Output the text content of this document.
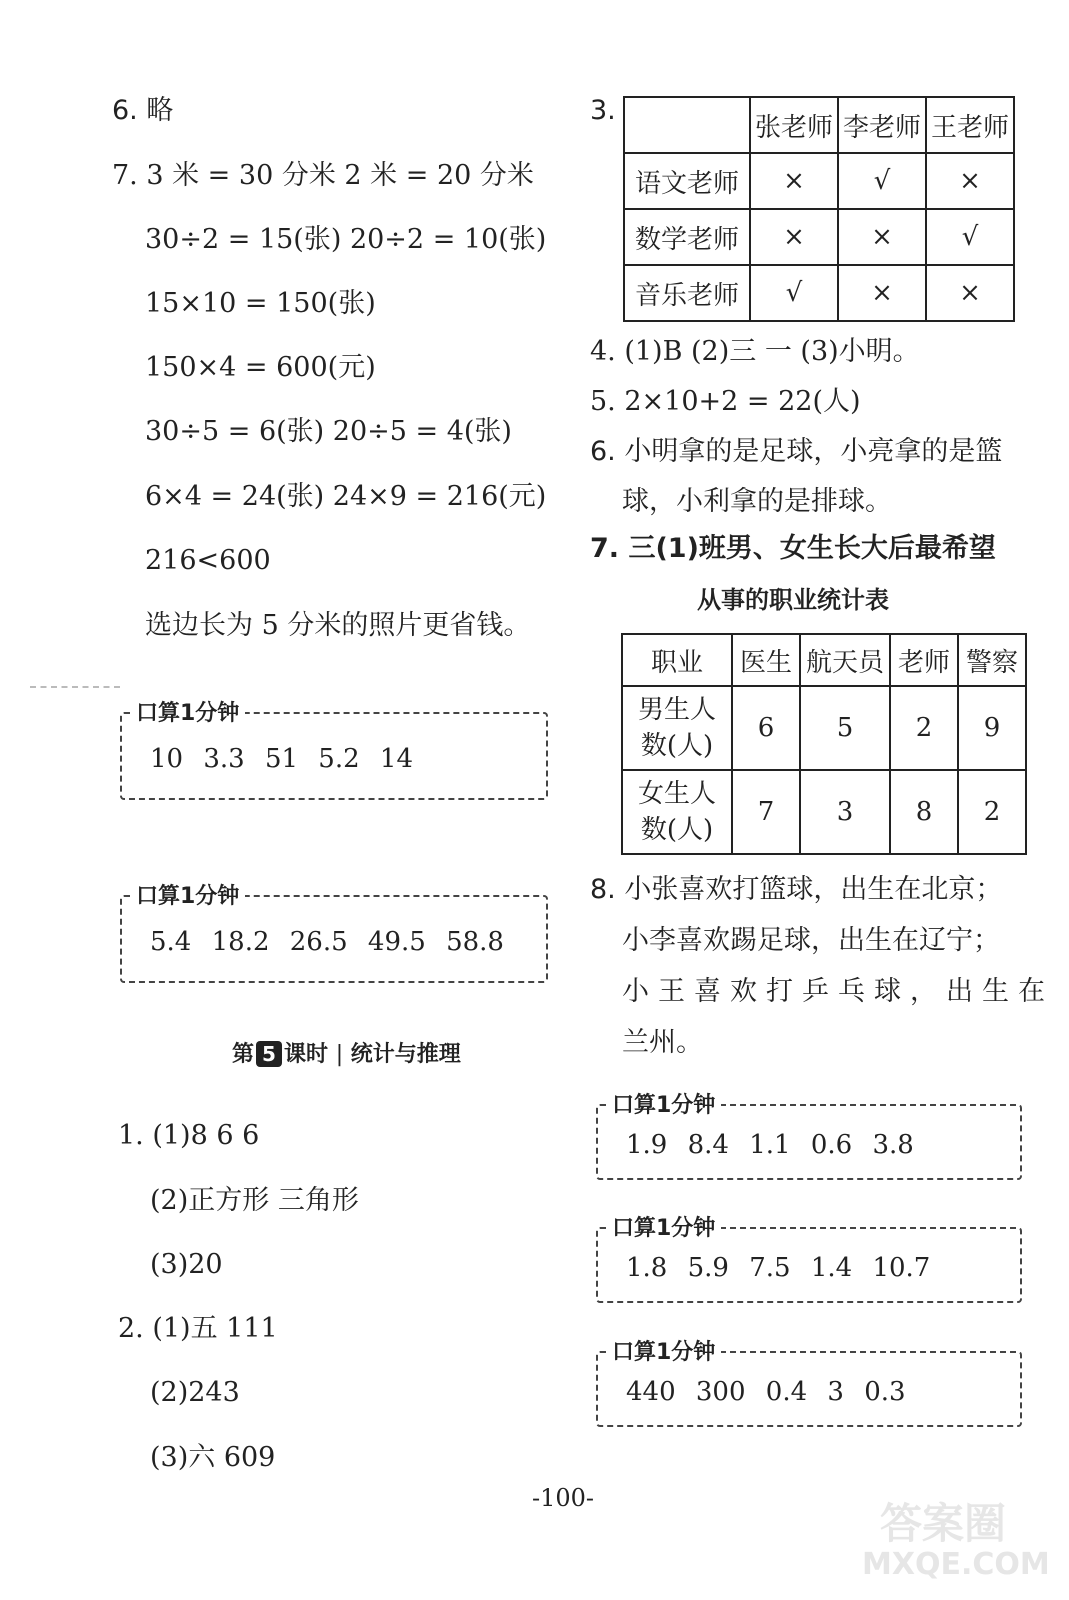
6. 略
7. 3 米 = 30 分米 2 米 = 20 分米
30÷2 = 15(张) 20÷2 = 10(张)
15×10 = 150(张)
150×4 = 600(元)
30÷5 = 6(张) 20÷5 = 4(张)
6×4 = 24(张) 24×9 = 216(元)
216<600
选边长为 5 分米的照片更省钱。
口算1分钟
10 3.3 51 5.2 14
口算1分钟
5.4 18.2 26.5 49.5 58.8
第 5 课时 | 统计与推理
1. (1)8 6 6
(2)正方形 三角形
(3)20
2. (1)五 111
(2)243
(3)六 609
3.
	张老师	李老师	王老师
语文老师	×	√	×
数学老师	×	×	√
音乐老师	√	×	×
4. (1)B (2)三 一 (3)小明。
5. 2×10+2 = 22(人)
6. 小明拿的是足球，小亮拿的是篮
球，小利拿的是排球。
7. 三(1)班男、女生长大后最希望
从事的职业统计表
职业	医生	航天员	老师	警察
男生人
数(人)	6	5	2	9
女生人
数(人)	7	3	8	2
8. 小张喜欢打篮球，出生在北京；
小李喜欢踢足球，出生在辽宁；
小王喜欢打乒乓球，出生在
兰州。
口算1分钟
1.9 8.4 1.1 0.6 3.8
口算1分钟
1.8 5.9 7.5 1.4 10.7
口算1分钟
440 300 0.4 3 0.3
-100-
答案圈
MXQE.COM
